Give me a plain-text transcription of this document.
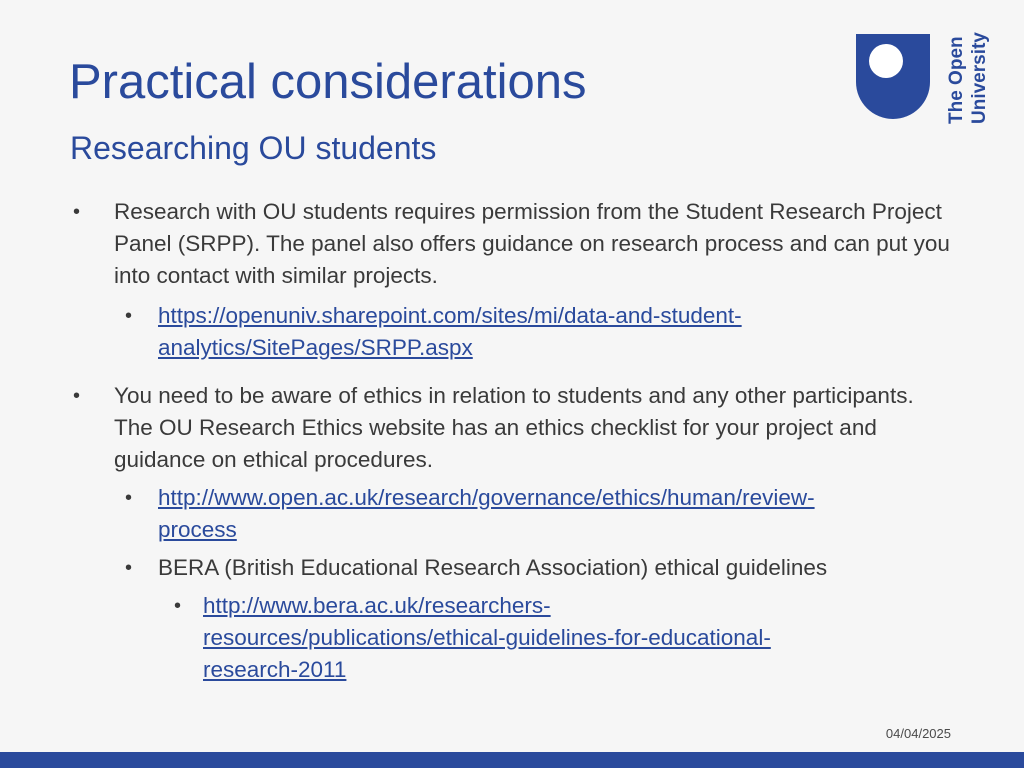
Practical considerations
Researching OU students
The Open University
• Research with OU students requires permission from the Student Research Project Panel (SRPP). The panel also offers guidance on research process and can put you into contact with similar projects.
• https://openuniv.sharepoint.com/sites/mi/data-and-student-
analytics/SitePages/SRPP.aspx
• You need to be aware of ethics in relation to students and any other participants. The OU Research Ethics website has an ethics checklist for your project and guidance on ethical procedures.
• http://www.open.ac.uk/research/governance/ethics/human/review-
process
• BERA (British Educational Research Association) ethical guidelines
• http://www.bera.ac.uk/researchers-
resources/publications/ethical-guidelines-for-educational-
research-2011
04/04/2025
